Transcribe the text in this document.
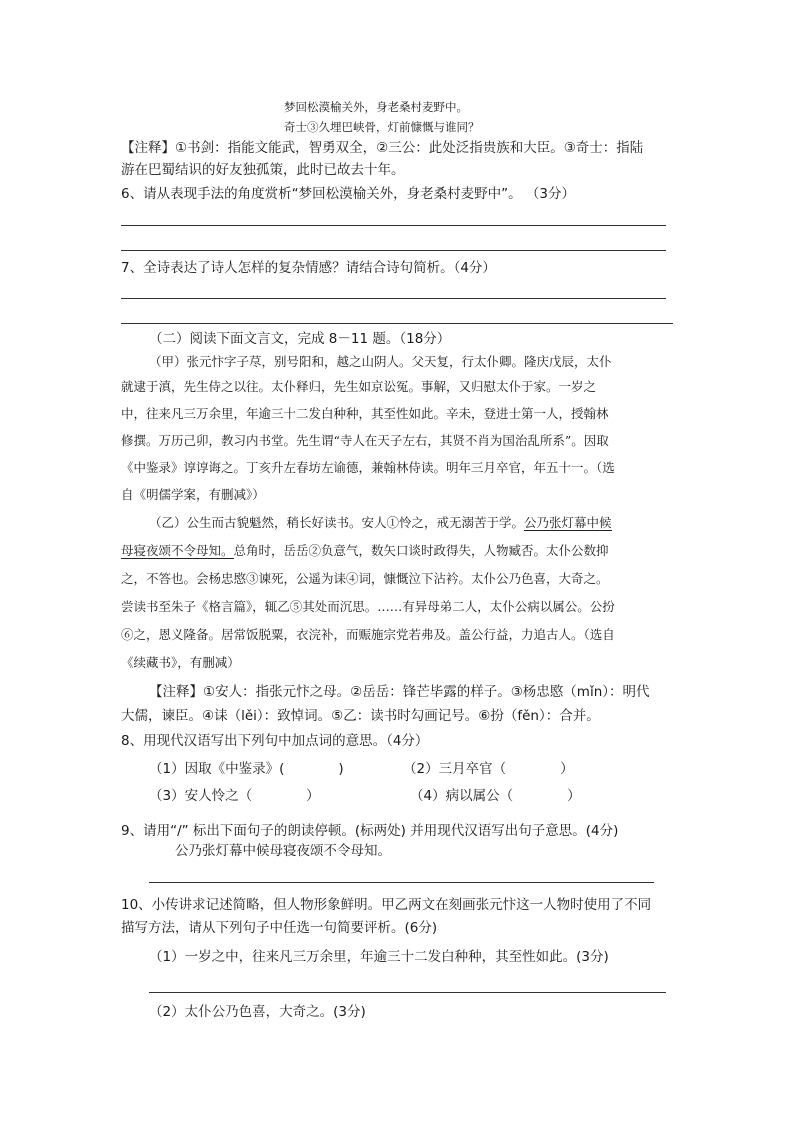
梦回松漠榆关外，身老桑村麦野中。
奇士③久埋巴峡骨，灯前慷慨与谁同？
【注释】①书剑：指能文能武，智勇双全，②三公：此处泛指贵族和大臣。③奇士：指陆
游在巴蜀结识的好友独孤策，此时已故去十年。
6、请从表现手法的角度赏析“梦回松漠榆关外，身老桑村麦野中”。 （3分）
7、全诗表达了诗人怎样的复杂情感？请结合诗句简析。（4分）
（二）阅读下面文言文，完成 8－11 题。（18分）
（甲）张元忭字子荩，别号阳和，越之山阴人。父天复，行太仆卿。隆庆戊辰，太仆
就逮于滇，先生侍之以往。太仆释归，先生如京讼冤。事解，又归慰太仆于家。一岁之
中，往来凡三万余里，年逾三十二发白种种，其至性如此。辛未，登进士第一人，授翰林
修撰。万历己卯，教习内书堂。先生谓“寺人在天子左右，其贤不肖为国治乱所系”。因取
《中鉴录》谆谆诲之。丁亥升左春坊左谕德，兼翰林侍读。明年三月卒官，年五十一。（选
自《明儒学案，有删减》）
（乙）公生而古貌魁然，稍长好读书。安人①怜之，戒无溺苦于学。公乃张灯幕中候
母寝夜颂不令母知。总角时，岳岳②负意气，数矢口谈时政得失，人物臧否。太仆公数抑
之，不答也。会杨忠愍③谏死，公遥为诔④词，慷慨泣下沾衿。太仆公乃色喜，大奇之。
尝读书至朱子《格言篇》，辄乙⑤其处而沉思。……有异母弟二人，太仆公病以属公。公扮
⑥之，恩义隆备。居常饭脱粟，衣浣补，而赈施宗党若弗及。盖公行益，力追古人。（选自
《续藏书》，有删减）
【注释】①安人：指张元忭之母。②岳岳：锋芒毕露的样子。③杨忠愍（mǐn）：明代
大儒，谏臣。④诔（lěi）：致悼词。⑤乙：读书时勾画记号。⑥扮（fěn）：合并。
8、用现代汉语写出下列句中加点词的意思。（4分）
（1）因取《中鉴录》(　　　　)	（2）三月卒官（　　　　）
（3）安人怜之（　　　　）	（4）病以属公（　　　　）
9、请用“/” 标出下面句子的朗读停顿。(标两处) 并用现代汉语写出句子意思。(4分)
公乃张灯幕中候母寝夜颂不令母知。
10、小传讲求记述简略，但人物形象鲜明。甲乙两文在刻画张元忭这一人物时使用了不同
描写方法，请从下列句子中任选一句简要评析。(6分)
（1）一岁之中，往来凡三万余里，年逾三十二发白种种，其至性如此。(3分)
（2）太仆公乃色喜，大奇之。(3分)
